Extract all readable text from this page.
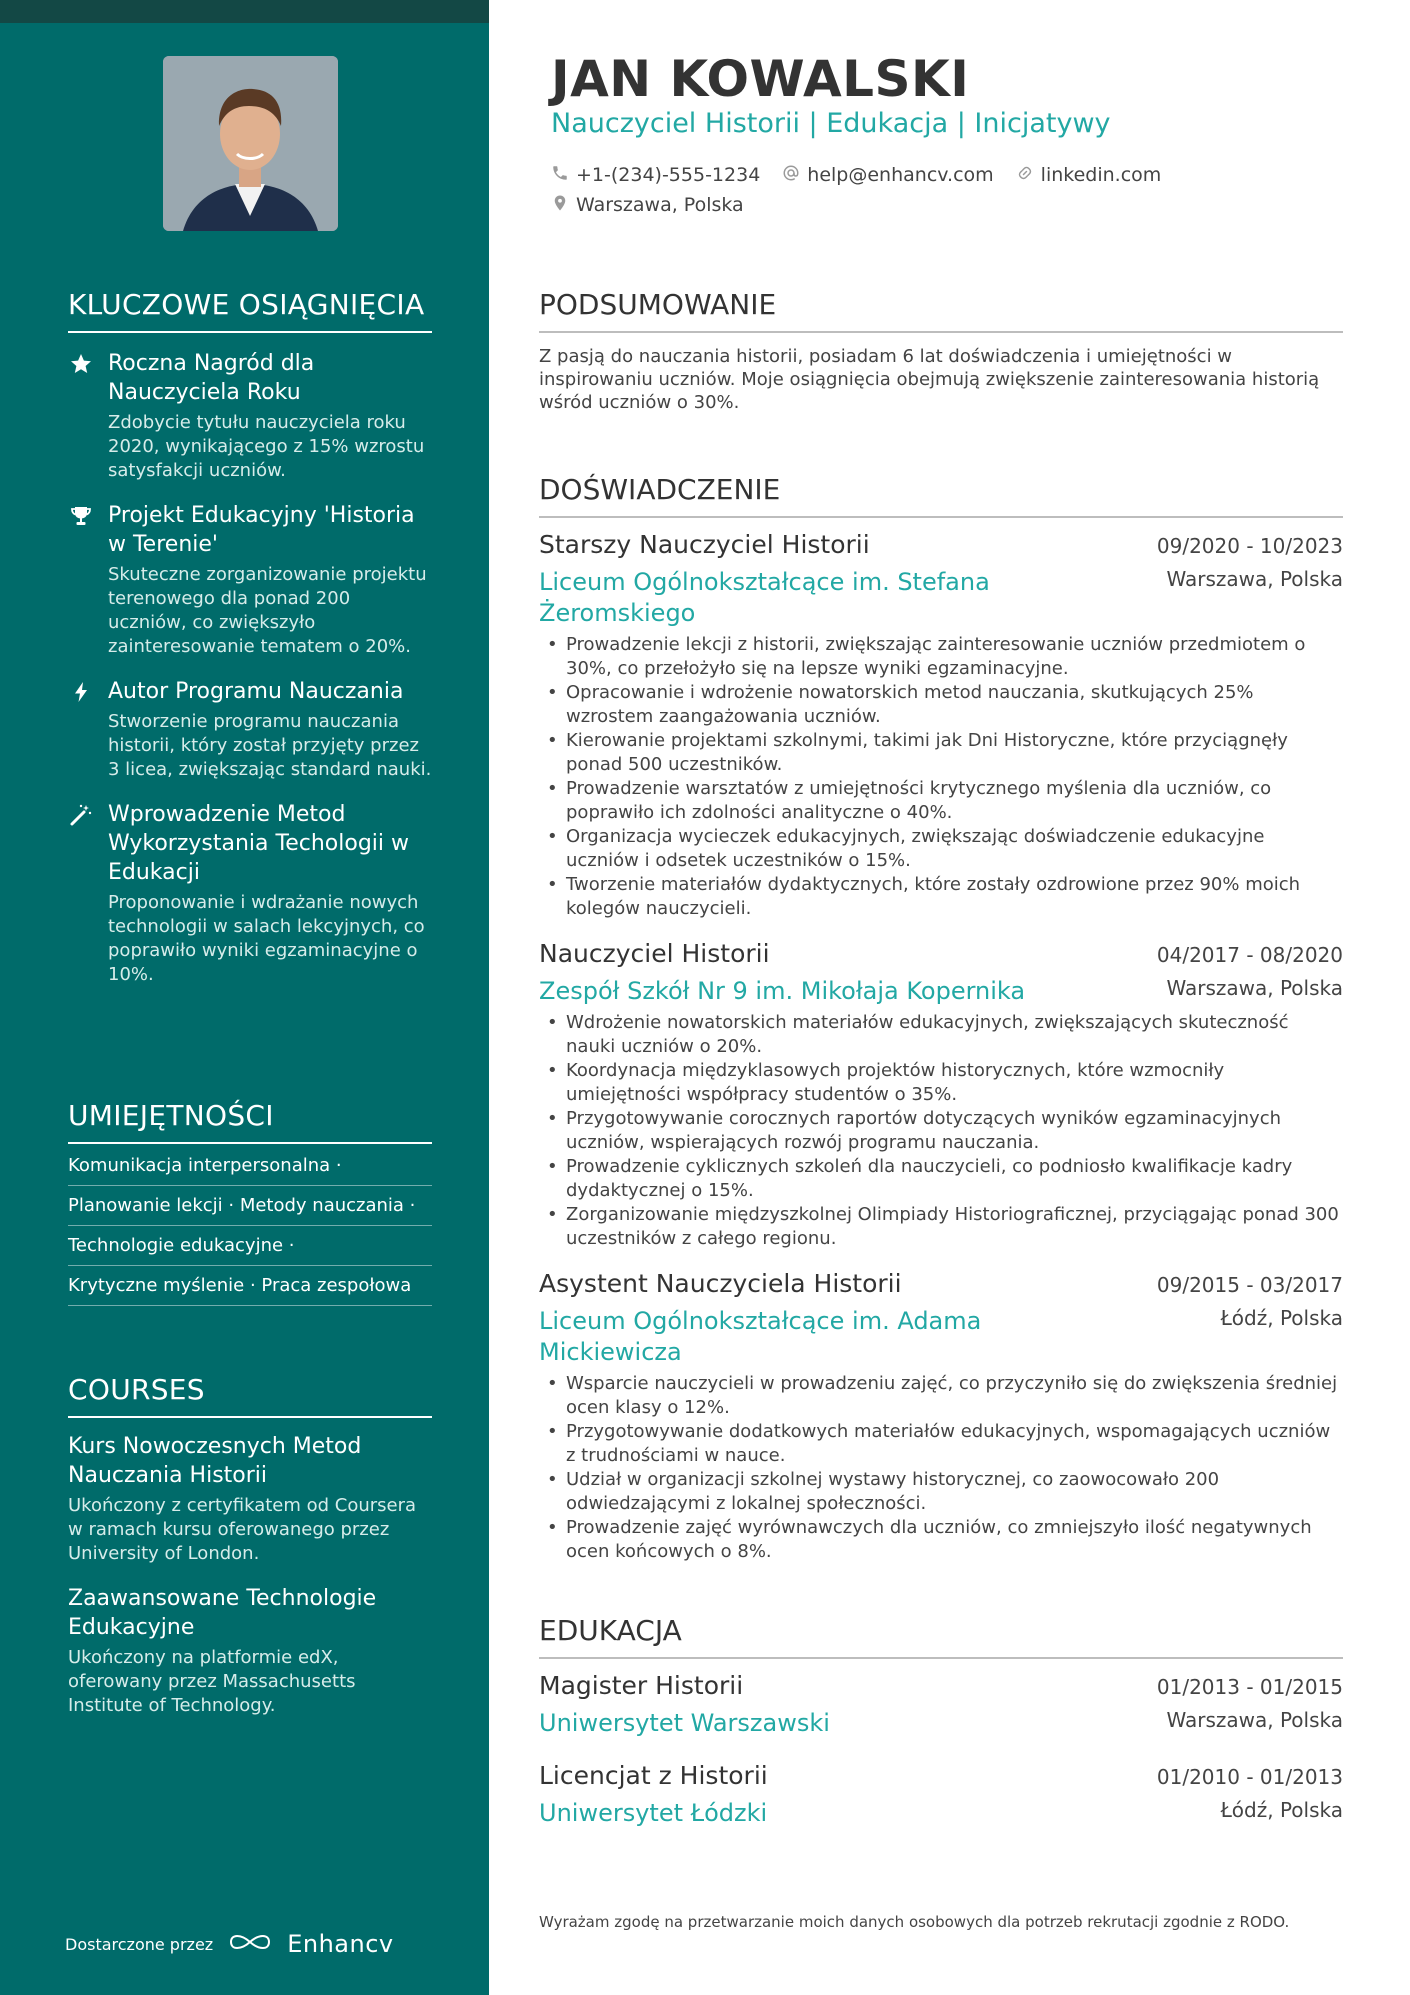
KLUCZOWE OSIĄGNIĘCIA
Roczna Nagród dla Nauczyciela Roku
Zdobycie tytułu nauczyciela roku 2020, wynikającego z 15% wzrostu satysfakcji uczniów.
Projekt Edukacyjny 'Historia w Terenie'
Skuteczne zorganizowanie projektu terenowego dla ponad 200 uczniów, co zwiększyło zainteresowanie tematem o 20%.
Autor Programu Nauczania
Stworzenie programu nauczania historii, który został przyjęty przez 3 licea, zwiększając standard nauki.
Wprowadzenie Metod Wykorzystania Techologii w Edukacji
Proponowanie i wdrażanie nowych technologii w salach lekcyjnych, co poprawiło wyniki egzaminacyjne o 10%.
UMIEJĘTNOŚCI
Komunikacja interpersonalna ·
Planowanie lekcji · Metody nauczania ·
Technologie edukacyjne ·
Krytyczne myślenie · Praca zespołowa
COURSES
Kurs Nowoczesnych Metod Nauczania Historii
Ukończony z certyfikatem od Coursera w ramach kursu oferowanego przez University of London.
Zaawansowane Technologie Edukacyjne
Ukończony na platformie edX, oferowany przez Massachusetts Institute of Technology.
Dostarczone przez	Enhancv
JAN KOWALSKI
Nauczyciel Historii | Edukacja | Inicjatywy
+1-(234)-555-1234 help@enhancv.com linkedin.com
Warszawa, Polska
PODSUMOWANIE
Z pasją do nauczania historii, posiadam 6 lat doświadczenia i umiejętności w inspirowaniu uczniów. Moje osiągnięcia obejmują zwiększenie zainteresowania historią wśród uczniów o 30%.
DOŚWIADCZENIE
Starszy Nauczyciel Historii	09/2020 - 10/2023
Liceum Ogólnokształcące im. Stefana Żeromskiego
Warszawa, Polska
• Prowadzenie lekcji z historii, zwiększając zainteresowanie uczniów przedmiotem o 30%, co przełożyło się na lepsze wyniki egzaminacyjne.
• Opracowanie i wdrożenie nowatorskich metod nauczania, skutkujących 25% wzrostem zaangażowania uczniów.
• Kierowanie projektami szkolnymi, takimi jak Dni Historyczne, które przyciągnęły ponad 500 uczestników.
• Prowadzenie warsztatów z umiejętności krytycznego myślenia dla uczniów, co poprawiło ich zdolności analityczne o 40%.
• Organizacja wycieczek edukacyjnych, zwiększając doświadczenie edukacyjne uczniów i odsetek uczestników o 15%.
• Tworzenie materiałów dydaktycznych, które zostały ozdrowione przez 90% moich kolegów nauczycieli.
Nauczyciel Historii	04/2017 - 08/2020
Zespół Szkół Nr 9 im. Mikołaja Kopernika	Warszawa, Polska
• Wdrożenie nowatorskich materiałów edukacyjnych, zwiększających skuteczność nauki uczniów o 20%.
• Koordynacja międzyklasowych projektów historycznych, które wzmocniły umiejętności współpracy studentów o 35%.
• Przygotowywanie corocznych raportów dotyczących wyników egzaminacyjnych uczniów, wspierających rozwój programu nauczania.
• Prowadzenie cyklicznych szkoleń dla nauczycieli, co podniosło kwalifikacje kadry dydaktycznej o 15%.
• Zorganizowanie międzyszkolnej Olimpiady Historiograficznej, przyciągając ponad 300 uczestników z całego regionu.
Asystent Nauczyciela Historii	09/2015 - 03/2017
Liceum Ogólnokształcące im. Adama Mickiewicza
Łódź, Polska
• Wsparcie nauczycieli w prowadzeniu zajęć, co przyczyniło się do zwiększenia średniej ocen klasy o 12%.
• Przygotowywanie dodatkowych materiałów edukacyjnych, wspomagających uczniów z trudnościami w nauce.
• Udział w organizacji szkolnej wystawy historycznej, co zaowocowało 200 odwiedzającymi z lokalnej społeczności.
• Prowadzenie zajęć wyrównawczych dla uczniów, co zmniejszyło ilość negatywnych ocen końcowych o 8%.
EDUKACJA
Magister Historii	01/2013 - 01/2015
Uniwersytet Warszawski	Warszawa, Polska
Licencjat z Historii	01/2010 - 01/2013
Uniwersytet Łódzki	Łódź, Polska
Wyrażam zgodę na przetwarzanie moich danych osobowych dla potrzeb rekrutacji zgodnie z RODO.
